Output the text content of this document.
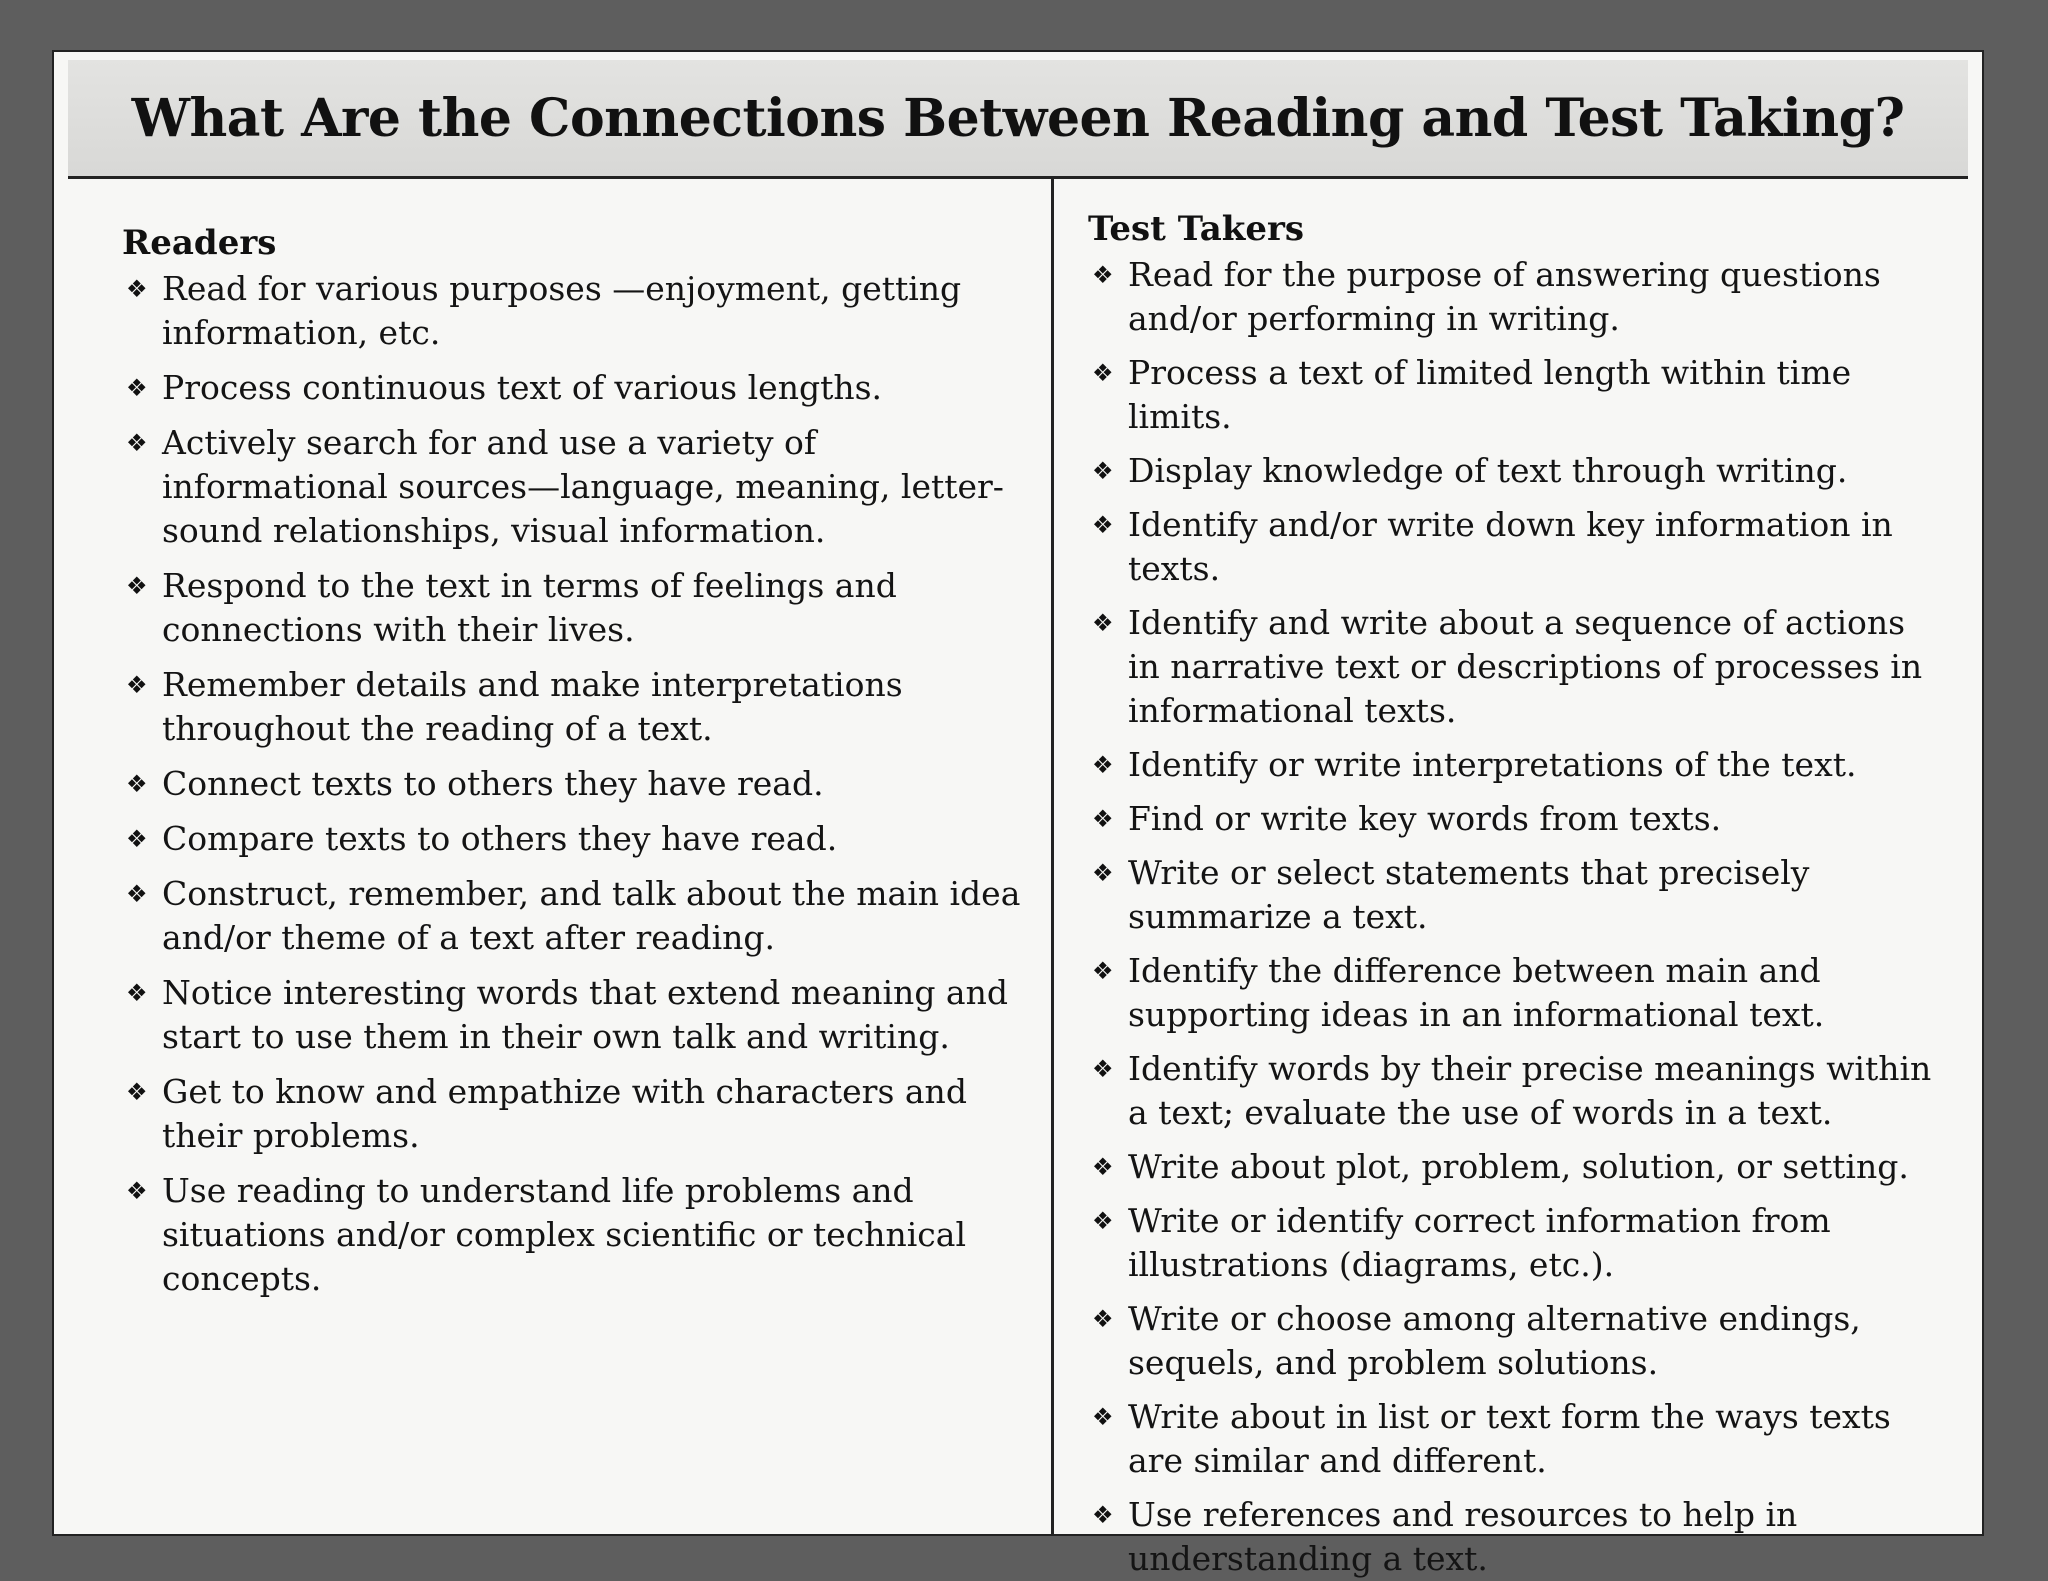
What Are the Connections Between Reading and Test Taking?
Readers
❖ Read for various purposes —enjoyment, getting information, etc.
❖ Process continuous text of various lengths.
❖ Actively search for and use a variety of informational sources—language, meaning, letter-sound relationships, visual information.
❖ Respond to the text in terms of feelings and connections with their lives.
❖ Remember details and make interpretations throughout the reading of a text.
❖ Connect texts to others they have read.
❖ Compare texts to others they have read.
❖ Construct, remember, and talk about the main idea and/or theme of a text after reading.
❖ Notice interesting words that extend meaning and start to use them in their own talk and writing.
❖ Get to know and empathize with characters and their problems.
❖ Use reading to understand life problems and situations and/or complex scientific or technical concepts.
Test Takers
❖ Read for the purpose of answering questions and/or performing in writing.
❖ Process a text of limited length within time limits.
❖ Display knowledge of text through writing.
❖ Identify and/or write down key information in texts.
❖ Identify and write about a sequence of actions in narrative text or descriptions of processes in informational texts.
❖ Identify or write interpretations of the text.
❖ Find or write key words from texts.
❖ Write or select statements that precisely summarize a text.
❖ Identify the difference between main and supporting ideas in an informational text.
❖ Identify words by their precise meanings within a text; evaluate the use of words in a text.
❖ Write about plot, problem, solution, or setting.
❖ Write or identify correct information from illustrations (diagrams, etc.).
❖ Write or choose among alternative endings, sequels, and problem solutions.
❖ Write about in list or text form the ways texts are similar and different.
❖ Use references and resources to help in understanding a text.
